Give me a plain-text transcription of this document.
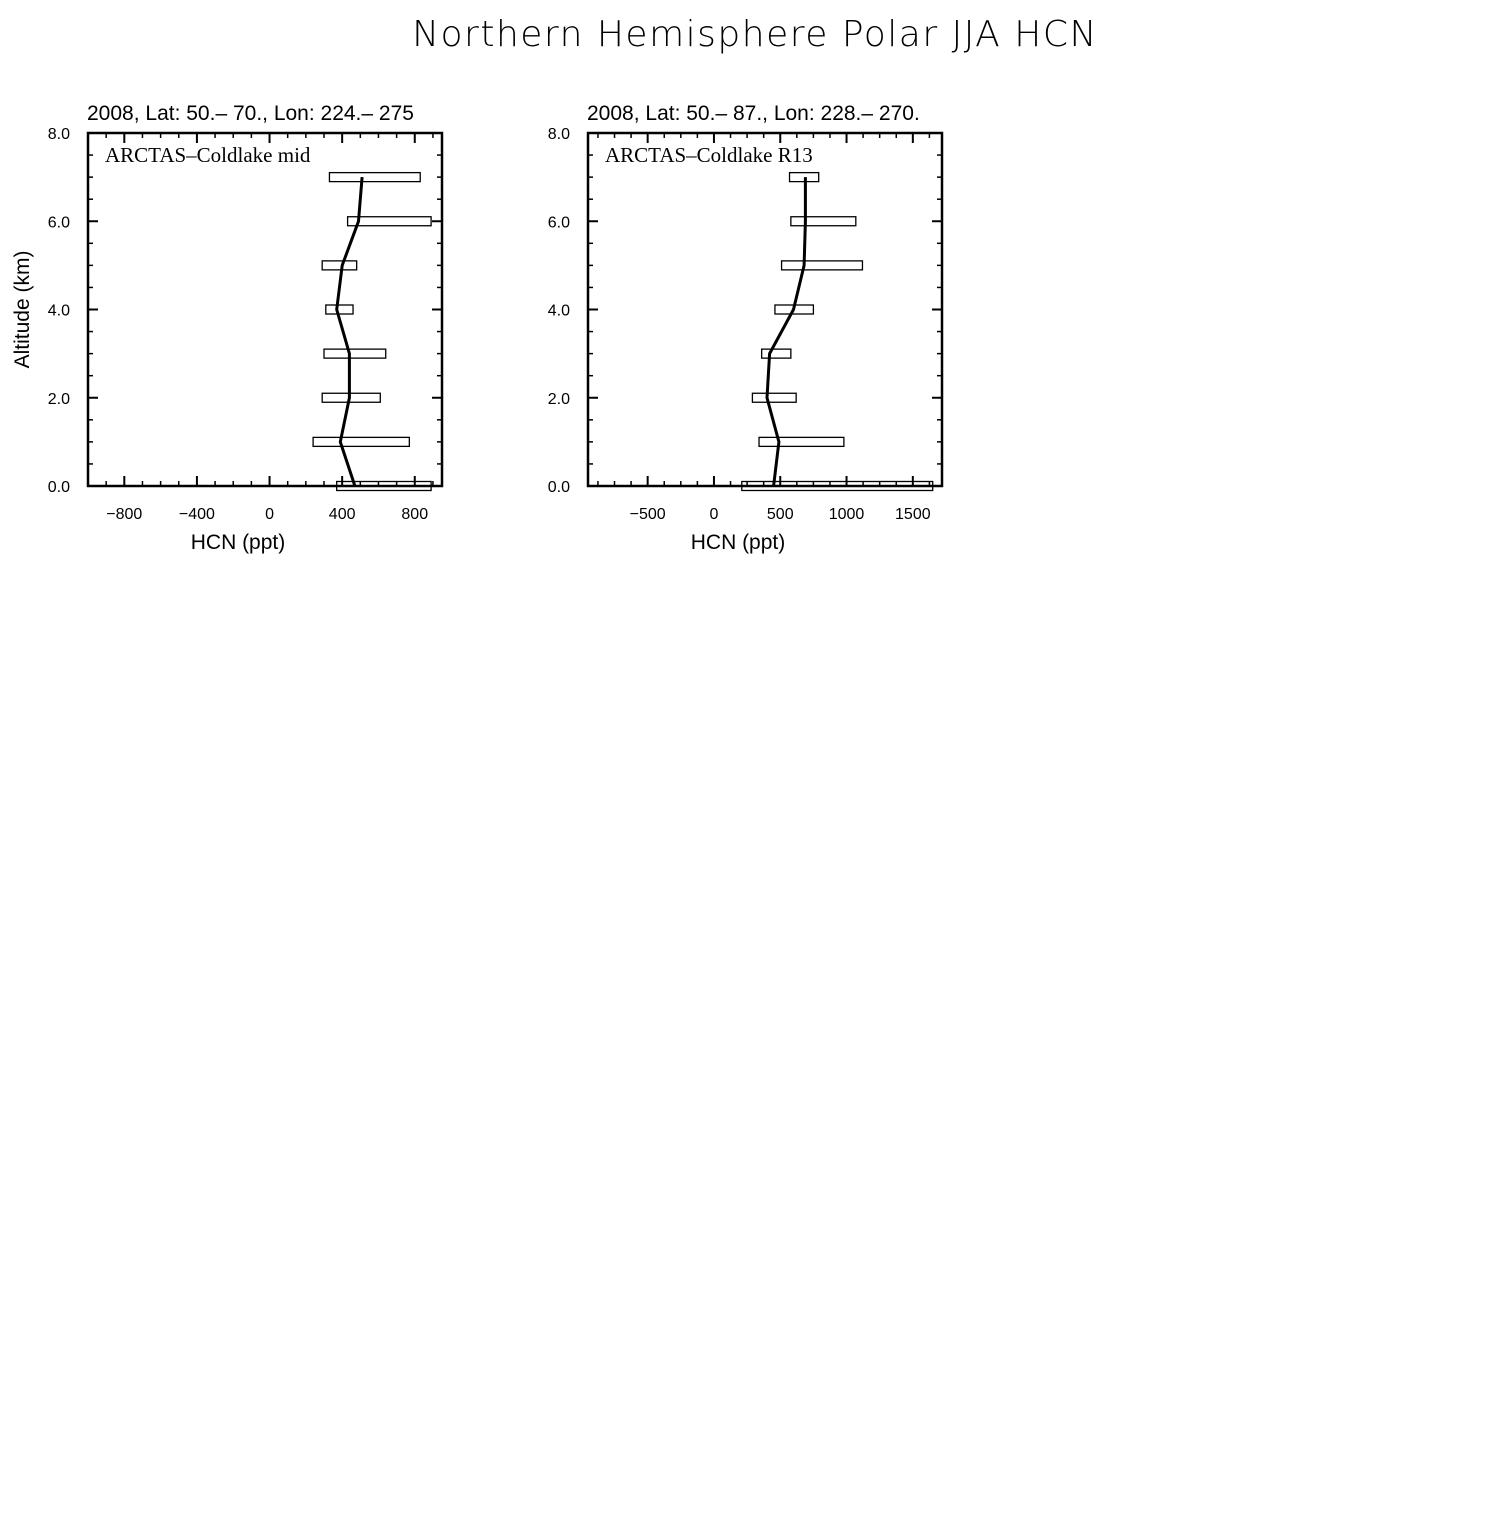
Northern Hemisphere Polar JJA HCN
−800 −400	0	400	800
0.0
2.0
4.0
6.0
8.0
2008, Lat: 50.– 70., Lon: 224.– 275
ARCTAS–Coldlake mid
HCN (ppt)
Altitude (km)
−500	0	500 1000 1500
0.0
2.0
4.0
6.0
8.0
2008, Lat: 50.– 87., Lon: 228.– 270.
ARCTAS–Coldlake R13
HCN (ppt)
